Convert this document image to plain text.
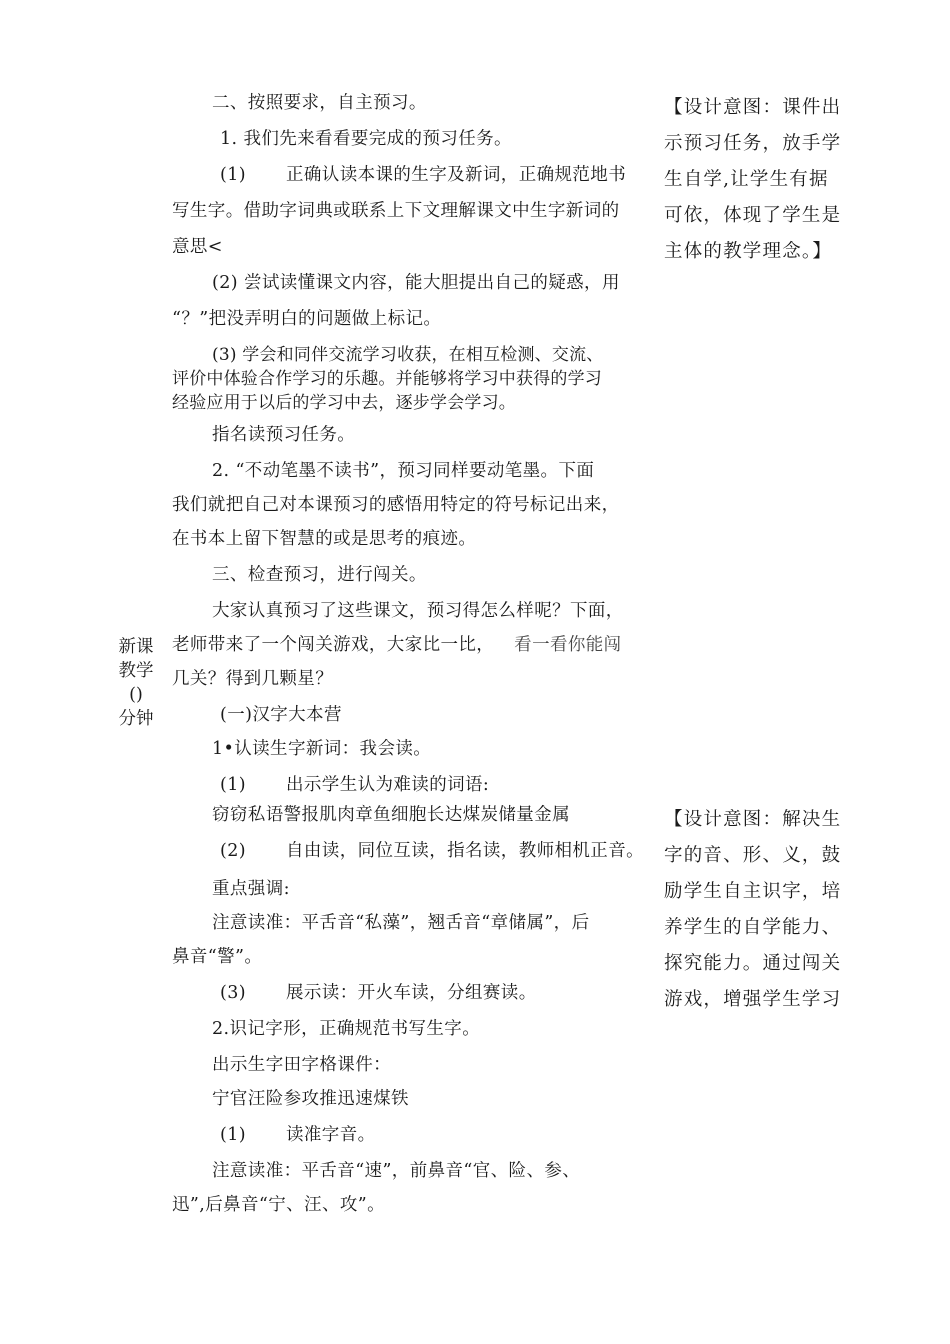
新课
教学
()
分钟
二、按照要求，自主预习。
1. 我们先来看看要完成的预习任务。
(1) 正确认读本课的生字及新词，正确规范地书
写生字。借助字词典或联系上下文理解课文中生字新词的
意思<
(2) 尝试读懂课文内容，能大胆提出自己的疑惑，用
“？”把没弄明白的问题做上标记。
(3) 学会和同伴交流学习收获，在相互检测、交流、
评价中体验合作学习的乐趣。并能够将学习中获得的学习
经验应用于以后的学习中去，逐步学会学习。
指名读预习任务。
2. “不动笔墨不读书”，预习同样要动笔墨。下面
我们就把自己对本课预习的感悟用特定的符号标记出来，
在书本上留下智慧的或是思考的痕迹。
三、检查预习，进行闯关。
大家认真预习了这些课文，预习得怎么样呢？下面，
老师带来了一个闯关游戏，大家比一比， 看一看你能闯
几关？得到几颗星？
(一)汉字大本营
1•认读生字新词：我会读。
(1) 出示学生认为难读的词语:
窃窃私语警报肌肉章鱼细胞长达煤炭储量金属
(2) 自由读，同位互读，指名读，教师相机正音。
重点强调:
注意读准：平舌音“私藻”，翘舌音“章储属”，后
鼻音“警”。
(3) 展示读：开火车读，分组赛读。
2.识记字形，正确规范书写生字。
出示生字田字格课件：
宁官汪险参攻推迅速煤铁
(1) 读准字音。
注意读准：平舌音“速”，前鼻音“官、险、参、
迅”,后鼻音“宁、汪、攻”。
【设计意图：课件出
示预习任务，放手学
生自学,让学生有据
可依，体现了学生是
主体的教学理念。】
【设计意图：解决生
字的音、形、义，鼓
励学生自主识字，培
养学生的自学能力、
探究能力。通过闯关
游戏，增强学生学习
